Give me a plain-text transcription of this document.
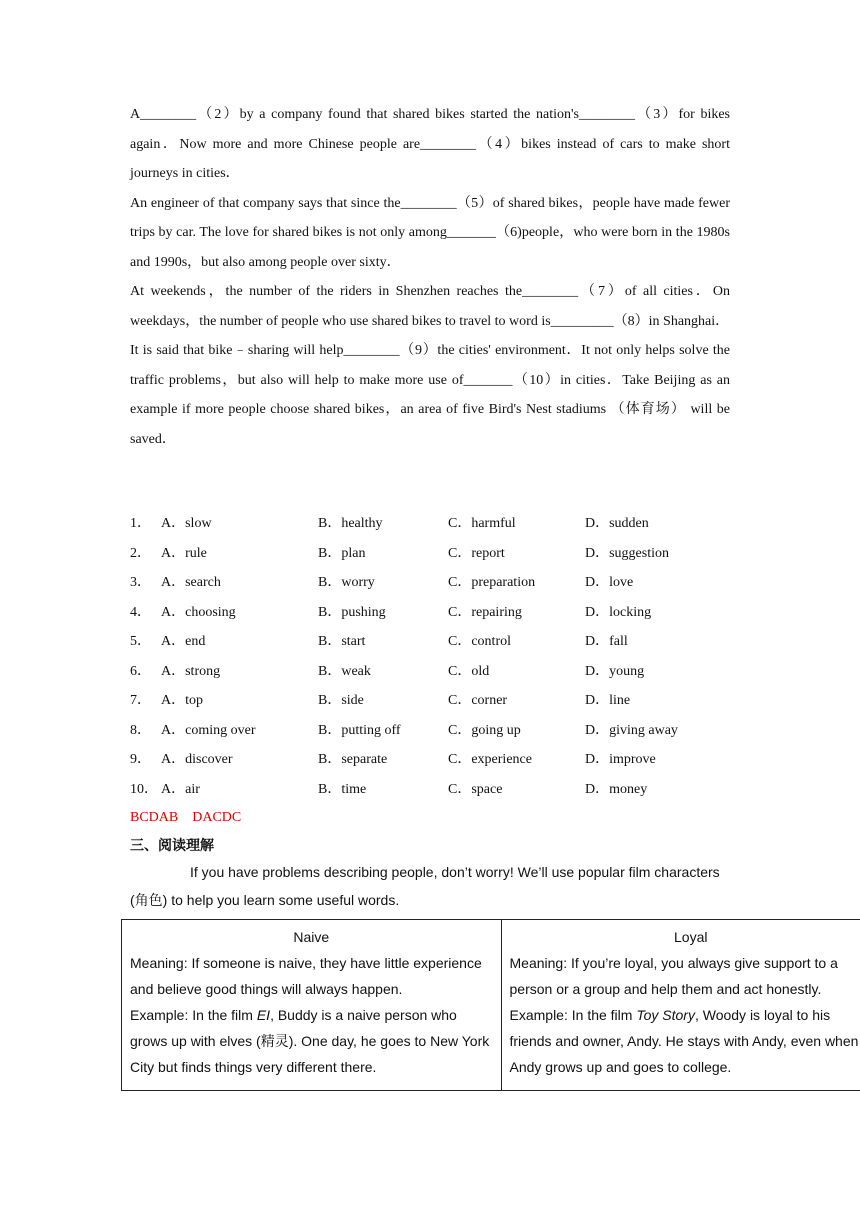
A________（2）by a company found that shared bikes started the nation's________（3）for bikes again．Now more and more Chinese people are________（4）bikes instead of cars to make short journeys in cities．

An engineer of that company says that since the________（5）of shared bikes，people have made fewer trips by car. The love for shared bikes is not only among_______（6)people，who were born in the 1980s and 1990s，but also among people over sixty．

At weekends，the number of the riders in Shenzhen reaches the________（7）of all cities．On weekdays，the number of people who use shared bikes to travel to word is_________（8）in Shanghai．

It is said that bike﹣sharing will help________（9）the cities' environment．It not only helps solve the traffic problems，but also will help to make more use of_______（10）in cities．Take Beijing as an example if more people choose shared bikes，an area of five Bird's Nest stadiums （体育场） will be saved．

1． A．slow	B．healthy	C．harmful	D．sudden
2． A．rule	B．plan	C．report	D．suggestion
3． A．search	B．worry	C．preparation	D．love
4． A．choosing	B．pushing	C．repairing	D．locking
5． A．end	B．start	C．control	D．fall
6． A．strong	B．weak	C．old	D．young
7． A．top	B．side	C．corner	D．line
8． A．coming over	B．putting off	C．going up	D．giving away
9． A．discover	B．separate	C．experience	D．improve
10． A．air	B．time	C．space	D．money
BCDAB    DACDC
三、阅读理解
If you have problems describing people, don’t worry! We’ll use popular film characters (角色) to help you learn some useful words.
Naive
Meaning: If someone is naive, they have little experience and believe good things will always happen.
Example: In the film EI, Buddy is a naive person who grows up with elves (精灵). One day, he goes to New York City but finds things very different there.

Loyal
Meaning: If you’re loyal, you always give support to a person or a group and help them and act honestly.
Example: In the film Toy Story, Woody is loyal to his friends and owner, Andy. He stays with Andy, even when Andy grows up and goes to college.
